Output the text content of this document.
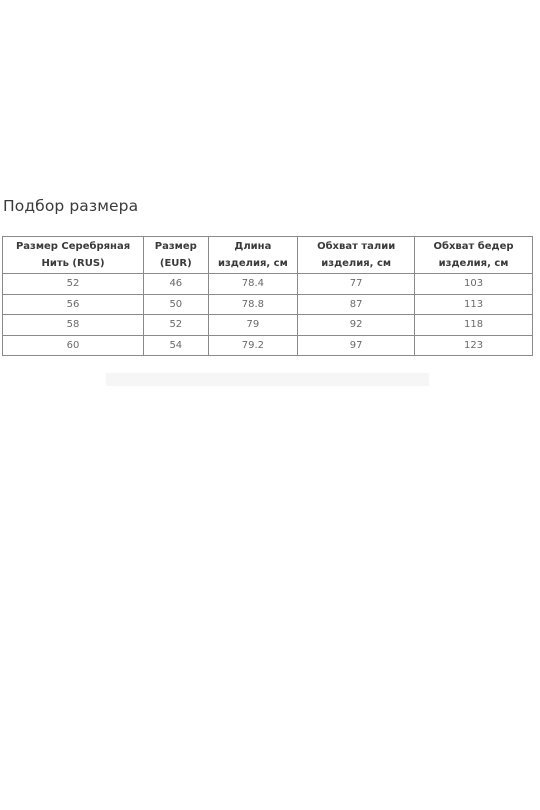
Подбор размера
Размер Серебряная Нить (RUS)	Размер (EUR)	Длина изделия, см	Обхват талии изделия, см	Обхват бедер изделия, см
52	46	78.4	77	103
56	50	78.8	87	113
58	52	79	92	118
60	54	79.2	97	123
